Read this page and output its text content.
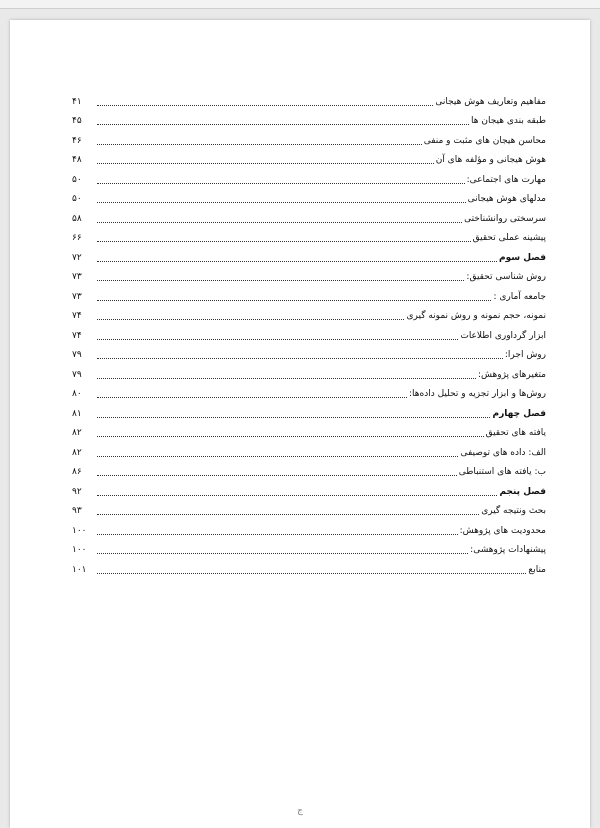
مفاهیم وتعاریف هوش هیجانی
۴۱
طبقه بندی هیجان ها
۴۵
محاسن هیجان های مثبت و منفی
۴۶
هوش هیجانی و مؤلفه های آن
۴۸
مهارت های اجتماعی:
۵۰
مدلهای هوش هیجانی
۵۰
سرسختی روانشناختی
۵۸
پیشینه عملی تحقیق
۶۶
فصل سوم
۷۲
روش شناسی تحقیق:
۷۳
جامعه آماری :
۷۳
نمونه، حجم نمونه و روش نمونه گیری
۷۴
ابزار گرداوری اطلاعات
۷۴
روش اجرا:
۷۹
متغیرهای پژوهش:
۷۹
روش‌ها و ابزار تجزیه و تحلیل داده‌ها:
۸۰
فصل چهارم
۸۱
یافته های تحقیق
۸۲
الف: داده های توصیفی
۸۲
ب: یافته های استنباطی
۸۶
فصل پنجم
۹۲
بحث ونتیجه گیری
۹۳
محدودیت های پژوهش:
۱۰۰
پیشنهادات پژوهشی:
۱۰۰
منابع
۱۰۱
ج
